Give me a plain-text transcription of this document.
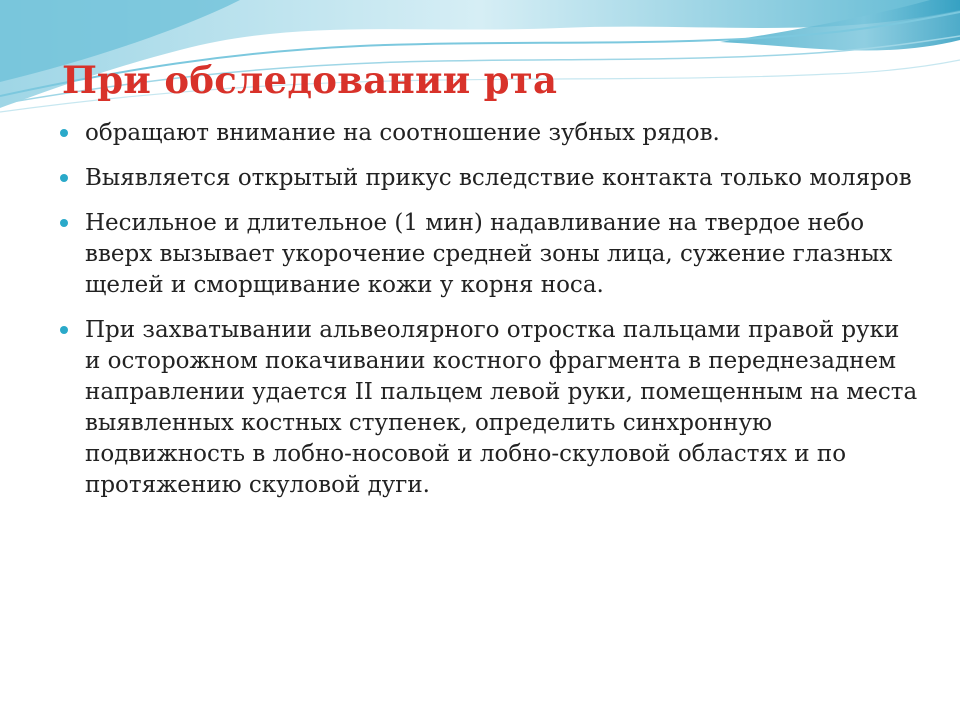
При обследовании рта
обращают внимание на соотношение зубных рядов.
Выявляется открытый прикус вследствие контакта только моляров
Несильное и длительное (1 мин) надавливание на твердое небо вверх вызывает укорочение средней зоны лица, сужение глазных щелей и сморщивание кожи у корня носа.
При захватывании альвеолярного отростка пальцами правой руки и осторожном покачивании костного фрагмента в переднезаднем направлении удается II пальцем левой руки, помещенным на места выявленных костных ступенек, определить синхронную подвижность в лобно-носовой и лобно-скуловой областях и по протяжению скуловой дуги.
